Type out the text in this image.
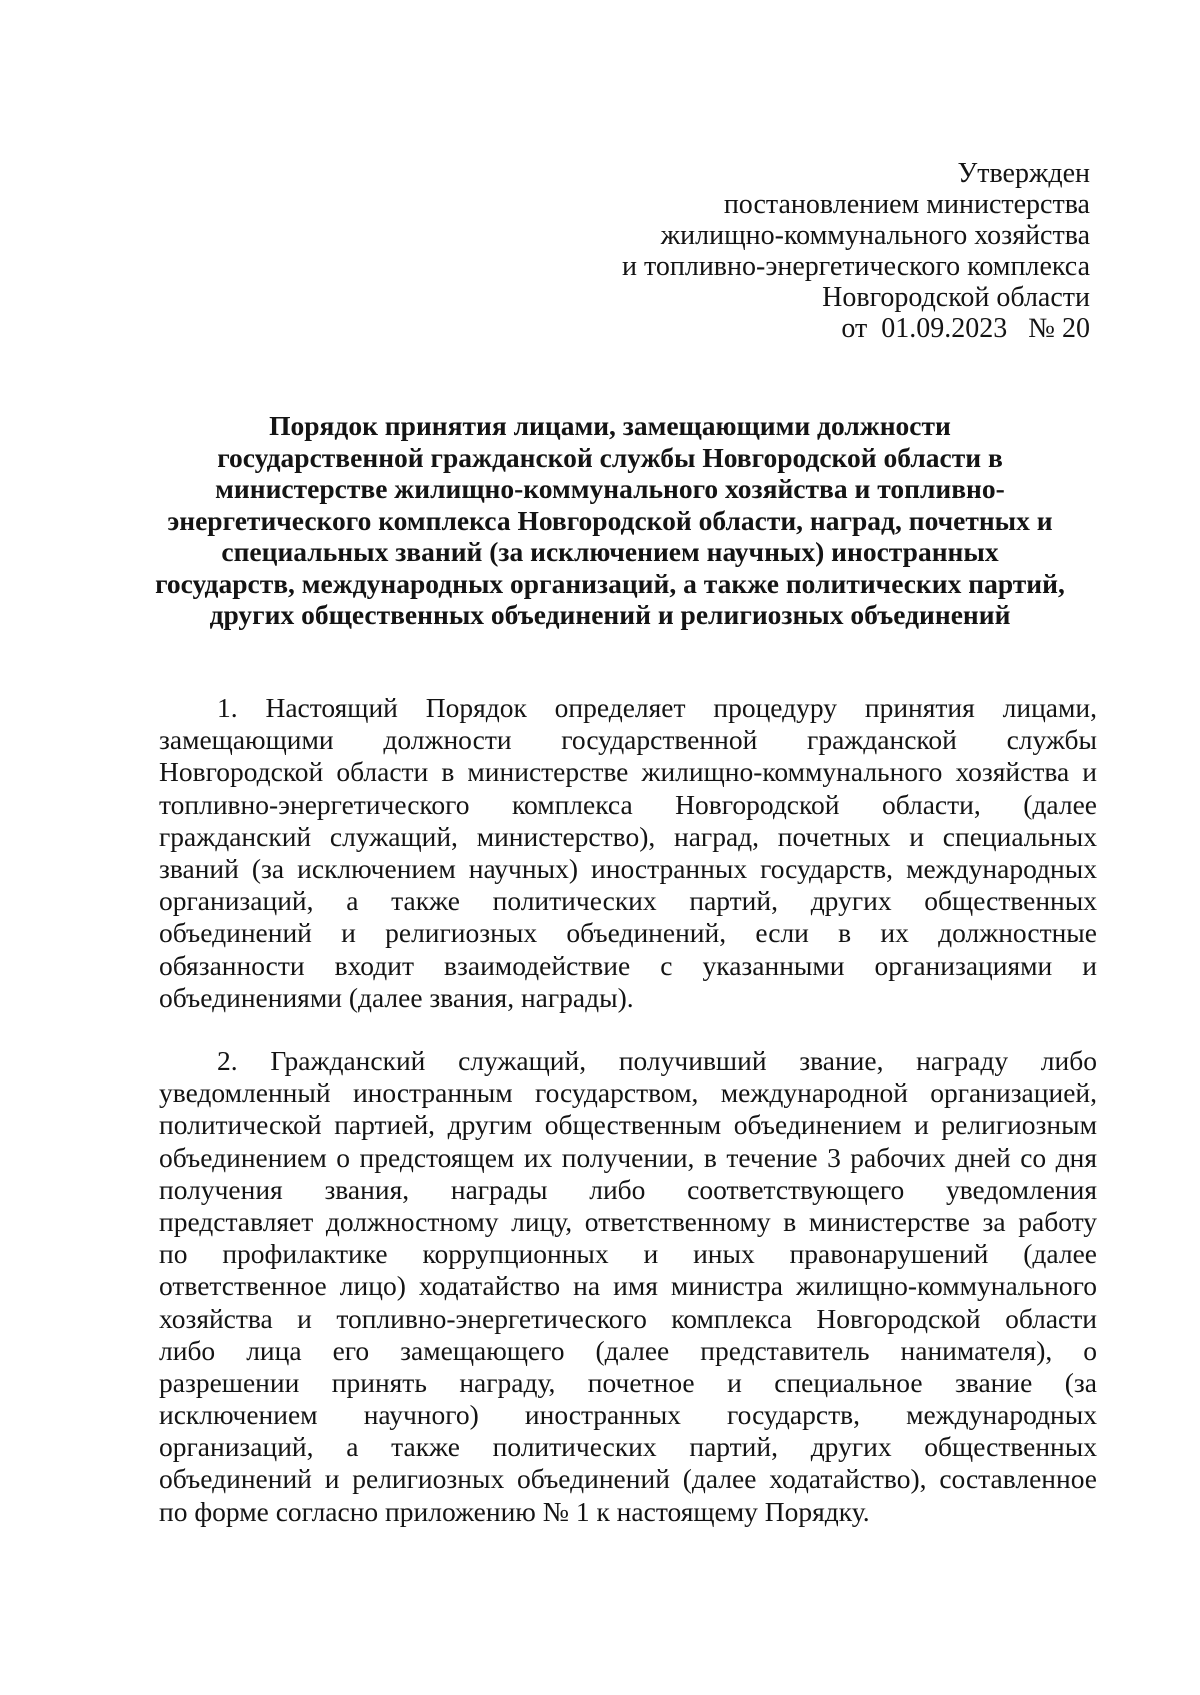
Утвержден
постановлением министерства
жилищно-коммунального хозяйства
и топливно-энергетического комплекса
Новгородской области
от  01.09.2023   № 20
Порядок принятия лицами, замещающими должности
государственной гражданской службы Новгородской области в
министерстве жилищно-коммунального хозяйства и топливно-
энергетического комплекса Новгородской области, наград, почетных и
специальных званий (за исключением научных) иностранных
государств, международных организаций, а также политических партий,
других общественных объединений и религиозных объединений
1. Настоящий Порядок определяет процедуру принятия лицами,
замещающими должности государственной гражданской службы
Новгородской области в министерстве жилищно-коммунального хозяйства и
топливно-энергетического комплекса Новгородской области, (далее
гражданский служащий, министерство), наград, почетных и специальных
званий (за исключением научных) иностранных государств, международных
организаций, а также политических партий, других общественных
объединений и религиозных объединений, если в их должностные
обязанности входит взаимодействие с указанными организациями и
объединениями (далее звания, награды).
2. Гражданский служащий, получивший звание, награду либо
уведомленный иностранным государством, международной организацией,
политической партией, другим общественным объединением и религиозным
объединением о предстоящем их получении, в течение 3 рабочих дней со дня
получения звания, награды либо соответствующего уведомления
представляет должностному лицу, ответственному в министерстве за работу
по профилактике коррупционных и иных правонарушений (далее
ответственное лицо) ходатайство на имя министра жилищно-коммунального
хозяйства и топливно-энергетического комплекса Новгородской области
либо лица его замещающего (далее представитель нанимателя), о
разрешении принять награду, почетное и специальное звание (за
исключением научного) иностранных государств, международных
организаций, а также политических партий, других общественных
объединений и религиозных объединений (далее ходатайство), составленное
по форме согласно приложению № 1 к настоящему Порядку.
